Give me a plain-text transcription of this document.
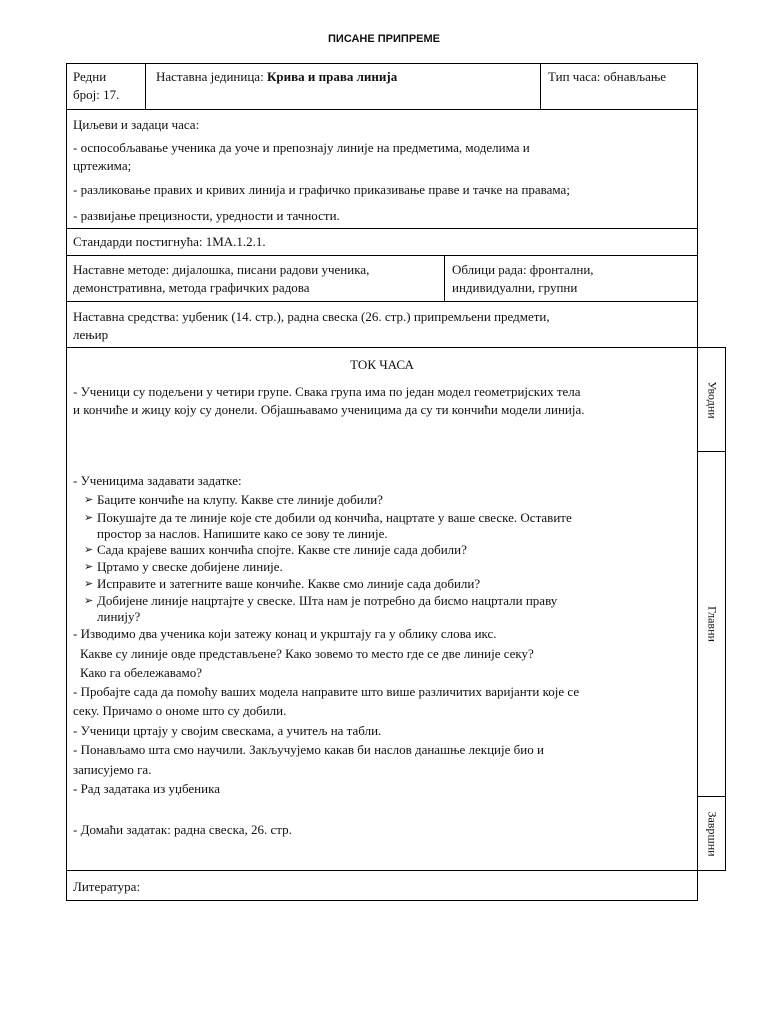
ПИСАНЕ ПРИПРЕМЕ
Редни
број: 17.
Наставна јединица: Крива и права линија	Тип часа: обнављање
Циљеви и задаци часа:
- оспособљавање ученика да уоче и препознају линије на предметима, моделима и
цртежима;
- разликовање правих и кривих линија и графичко приказивање праве и тачке на правама;
- развијање прецизности, уредности и тачности.
Стандарди постигнућа: 1МА.1.2.1.
Наставне методе: дијалошка, писани радови ученика,
демонстративна, метода графичких радова
Облици рада: фронтални,
индивидуални, групни
Наставна средства: уџбеник (14. стр.), радна свеска (26. стр.) припремљени предмети,
лењир
ТОК ЧАСА
- Ученици су подељени у четири групе. Свака група има по један модел геометријских тела
и кончиће и жицу коју су донели. Објашњавамо ученицима да су ти кончићи модели линија.
- Ученицима задавати задатке:
➢ Баците кончиће на клупу. Какве сте линије добили?
➢ Покушајте да те линије које сте добили од кончића, нацртате у ваше свеске. Оставите
простор за наслов. Напишите како се зову те линије.
➢ Сада крајеве ваших кончића спојте. Какве сте линије сада добили?
➢ Цртамо у свеске добијене линије.
➢ Исправите и затегните ваше кончиће. Какве смо линије сада добили?
➢ Добијене линије нацртајте у свеске. Шта нам је потребно да бисмо нацртали праву
линију?
- Изводимо два ученика који затежу конац и укрштају га у облику слова икс.
Какве су линије овде представљене? Како зовемо то место где се две линије секу?
Како га обележавамо?
- Пробајте сада да помоћу ваших модела направите што више различитих варијанти које се
секу. Причамо о ономе што су добили.
- Ученици цртају у својим свескама, а учитељ на табли.
- Понављамо шта смо научили. Закључујемо какав би наслов данашње лекције био и
записујемо га.
- Рад задатака из уџбеника
- Домаћи задатак: радна свеска, 26. стр.
Уводни
Главни
Завршни
Литература:
